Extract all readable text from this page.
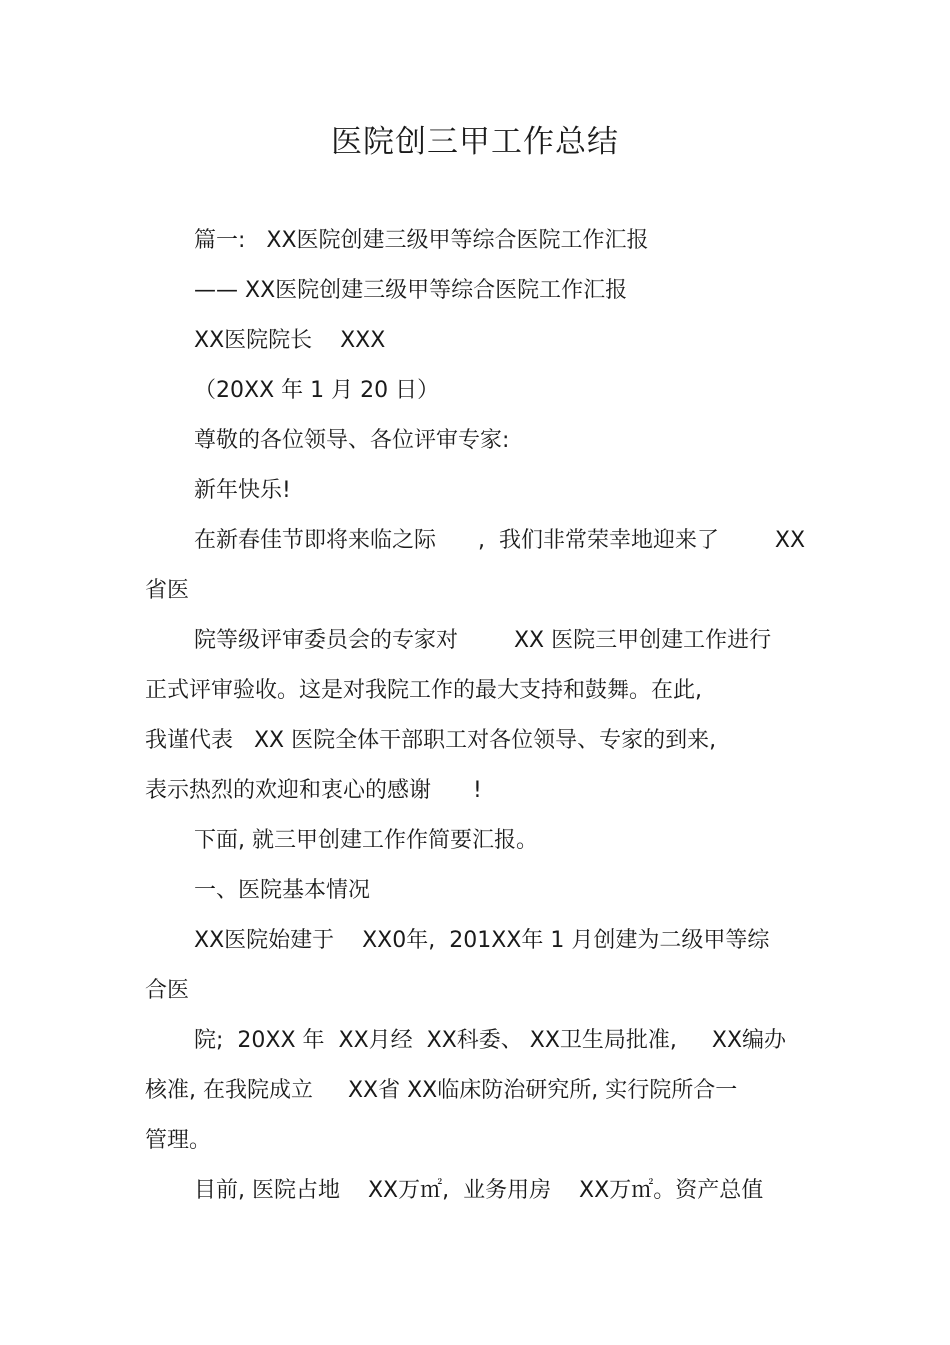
医院创三甲工作总结
篇一:   XX医院创建三级甲等综合医院工作汇报
—— XX医院创建三级甲等综合医院工作汇报
XX医院院长    XXX
（20XX 年 1 月 20 日）
尊敬的各位领导、各位评审专家:
新年快乐!
在新春佳节即将来临之际      ,  我们非常荣幸地迎来了        XX
省医
院等级评审委员会的专家对        XX 医院三甲创建工作进行
正式评审验收。这是对我院工作的最大支持和鼓舞。在此,
我谨代表   XX 医院全体干部职工对各位领导、专家的到来,
表示热烈的欢迎和衷心的感谢      !
下面, 就三甲创建工作作简要汇报。
一、医院基本情况
XX医院始建于    XX0年,  201XX年 1 月创建为二级甲等综
合医
院;  20XX 年  XX月经  XX科委、 XX卫生局批准,     XX编办
核准, 在我院成立     XX省 XX临床防治研究所, 实行院所合一
管理。
目前, 医院占地    XX万㎡,  业务用房    XX万㎡。资产总值
